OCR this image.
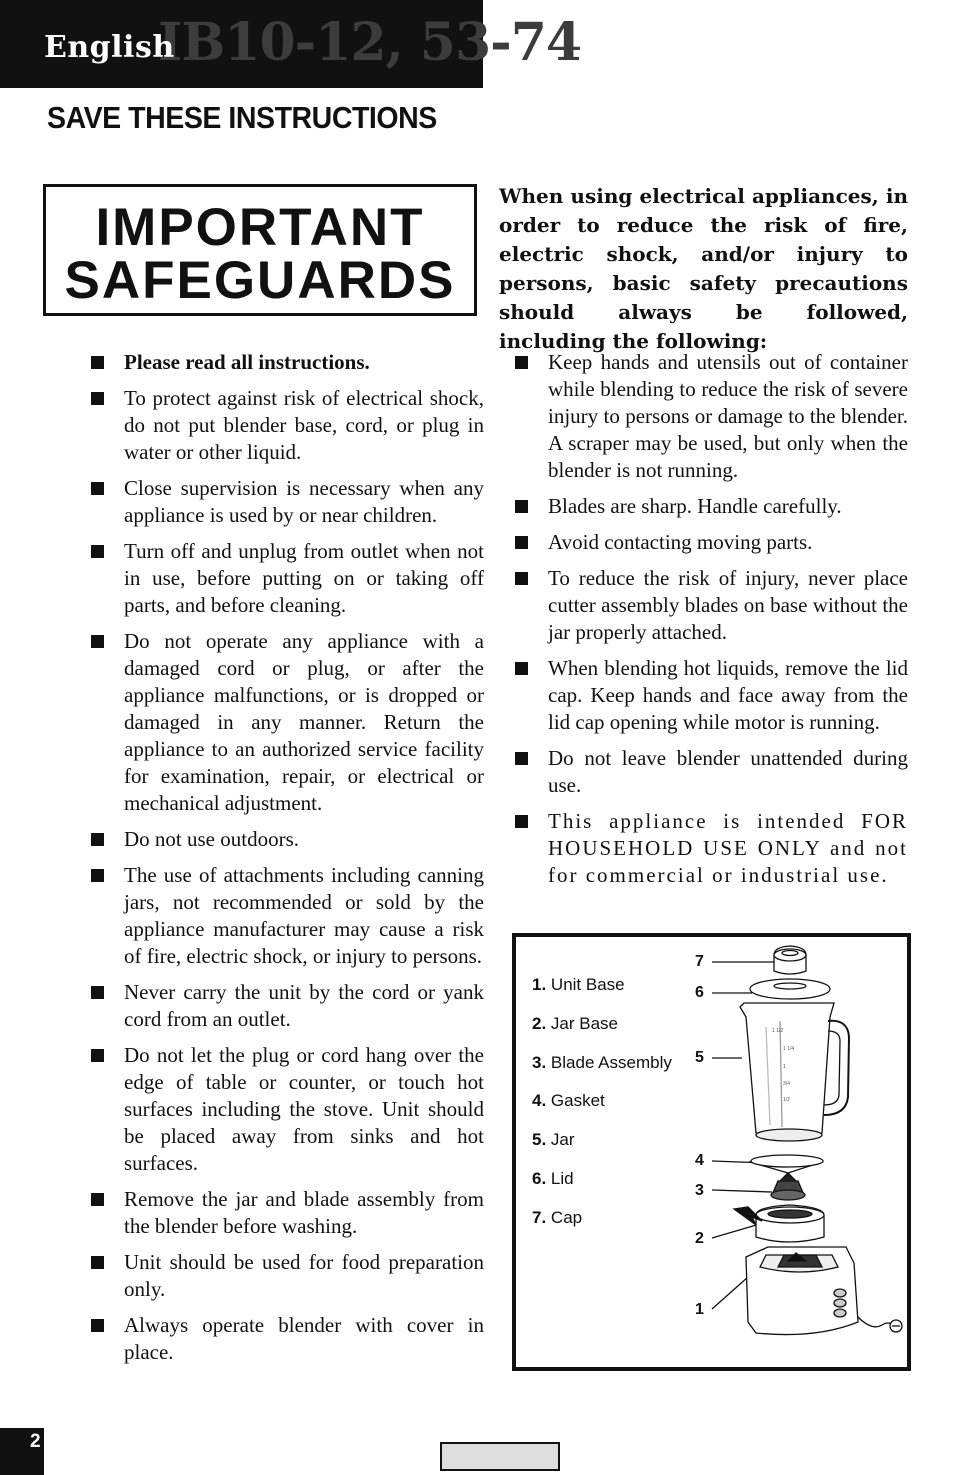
IB10-12, 53-74
English
SAVE THESE INSTRUCTIONS
IMPORTANT
SAFEGUARDS
When using electrical appliances, in order to reduce the risk of fire, electric shock, and/or injury to persons, basic safety precautions should always be followed, including the following:
Please read all instructions.
To protect against risk of electrical shock, do not put blender base, cord, or plug in water or other liquid.
Close supervision is necessary when any appliance is used by or near children.
Turn off and unplug from outlet when not in use, before putting on or taking off parts, and before cleaning.
Do not operate any appliance with a damaged cord or plug, or after the appliance malfunctions, or is dropped or damaged in any manner. Return the appliance to an authorized service facility for examination, repair, or electrical or mechanical adjustment.
Do not use outdoors.
The use of attachments including canning jars, not recommended or sold by the appliance manufacturer may cause a risk of fire, electric shock, or injury to persons.
Never carry the unit by the cord or yank cord from an outlet.
Do not let the plug or cord hang over the edge of table or counter, or touch hot surfaces including the stove. Unit should be placed away from sinks and hot surfaces.
Remove the jar and blade assembly from the blender before washing.
Unit should be used for food preparation only.
Always operate blender with cover in place.
Keep hands and utensils out of container while blending to reduce the risk of severe injury to persons or damage to the blender. A scraper may be used, but only when the blender is not running.
Blades are sharp. Handle carefully.
Avoid contacting moving parts.
To reduce the risk of injury, never place cutter assembly blades on base without the jar properly attached.
When blending hot liquids, remove the lid cap. Keep hands and face away from the lid cap opening while motor is running.
Do not leave blender unattended during use.
This appliance is intended FOR HOUSEHOLD USE ONLY and not for commercial or industrial use.
1. Unit Base
2. Jar Base
3. Blade Assembly
4. Gasket
5. Jar
6. Lid
7. Cap
1 1/2
1 1/4
1
3/4
1/2
7
6
5
4
3
2
1
2
